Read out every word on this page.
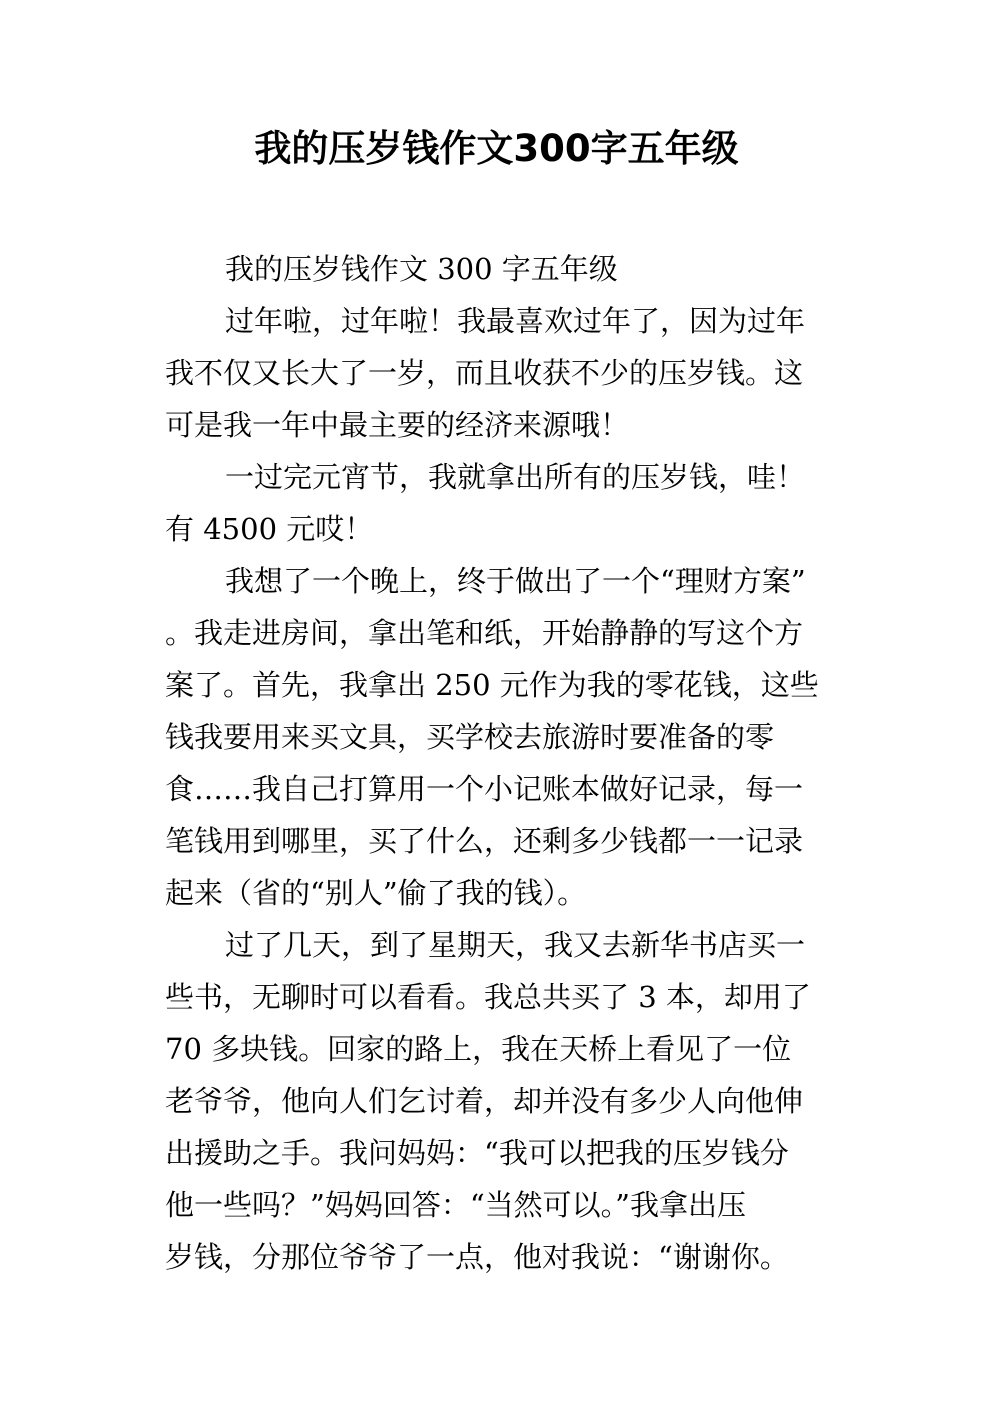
我的压岁钱作文300字五年级
我的压岁钱作文 300 字五年级
过年啦，过年啦！我最喜欢过年了，因为过年
我不仅又长大了一岁，而且收获不少的压岁钱。这
可是我一年中最主要的经济来源哦！
一过完元宵节，我就拿出所有的压岁钱，哇！
有 4500 元哎！
我想了一个晚上，终于做出了一个“理财方案”
。我走进房间，拿出笔和纸，开始静静的写这个方
案了。首先，我拿出 250 元作为我的零花钱，这些
钱我要用来买文具，买学校去旅游时要准备的零
食……我自己打算用一个小记账本做好记录，每一
笔钱用到哪里，买了什么，还剩多少钱都一一记录
起来（省的“别人”偷了我的钱）。
过了几天，到了星期天，我又去新华书店买一
些书，无聊时可以看看。我总共买了 3 本，却用了
70 多块钱。回家的路上，我在天桥上看见了一位
老爷爷，他向人们乞讨着，却并没有多少人向他伸
出援助之手。我问妈妈：“我可以把我的压岁钱分
他一些吗？”妈妈回答：“当然可以。”我拿出压
岁钱，分那位爷爷了一点，他对我说：“谢谢你。
